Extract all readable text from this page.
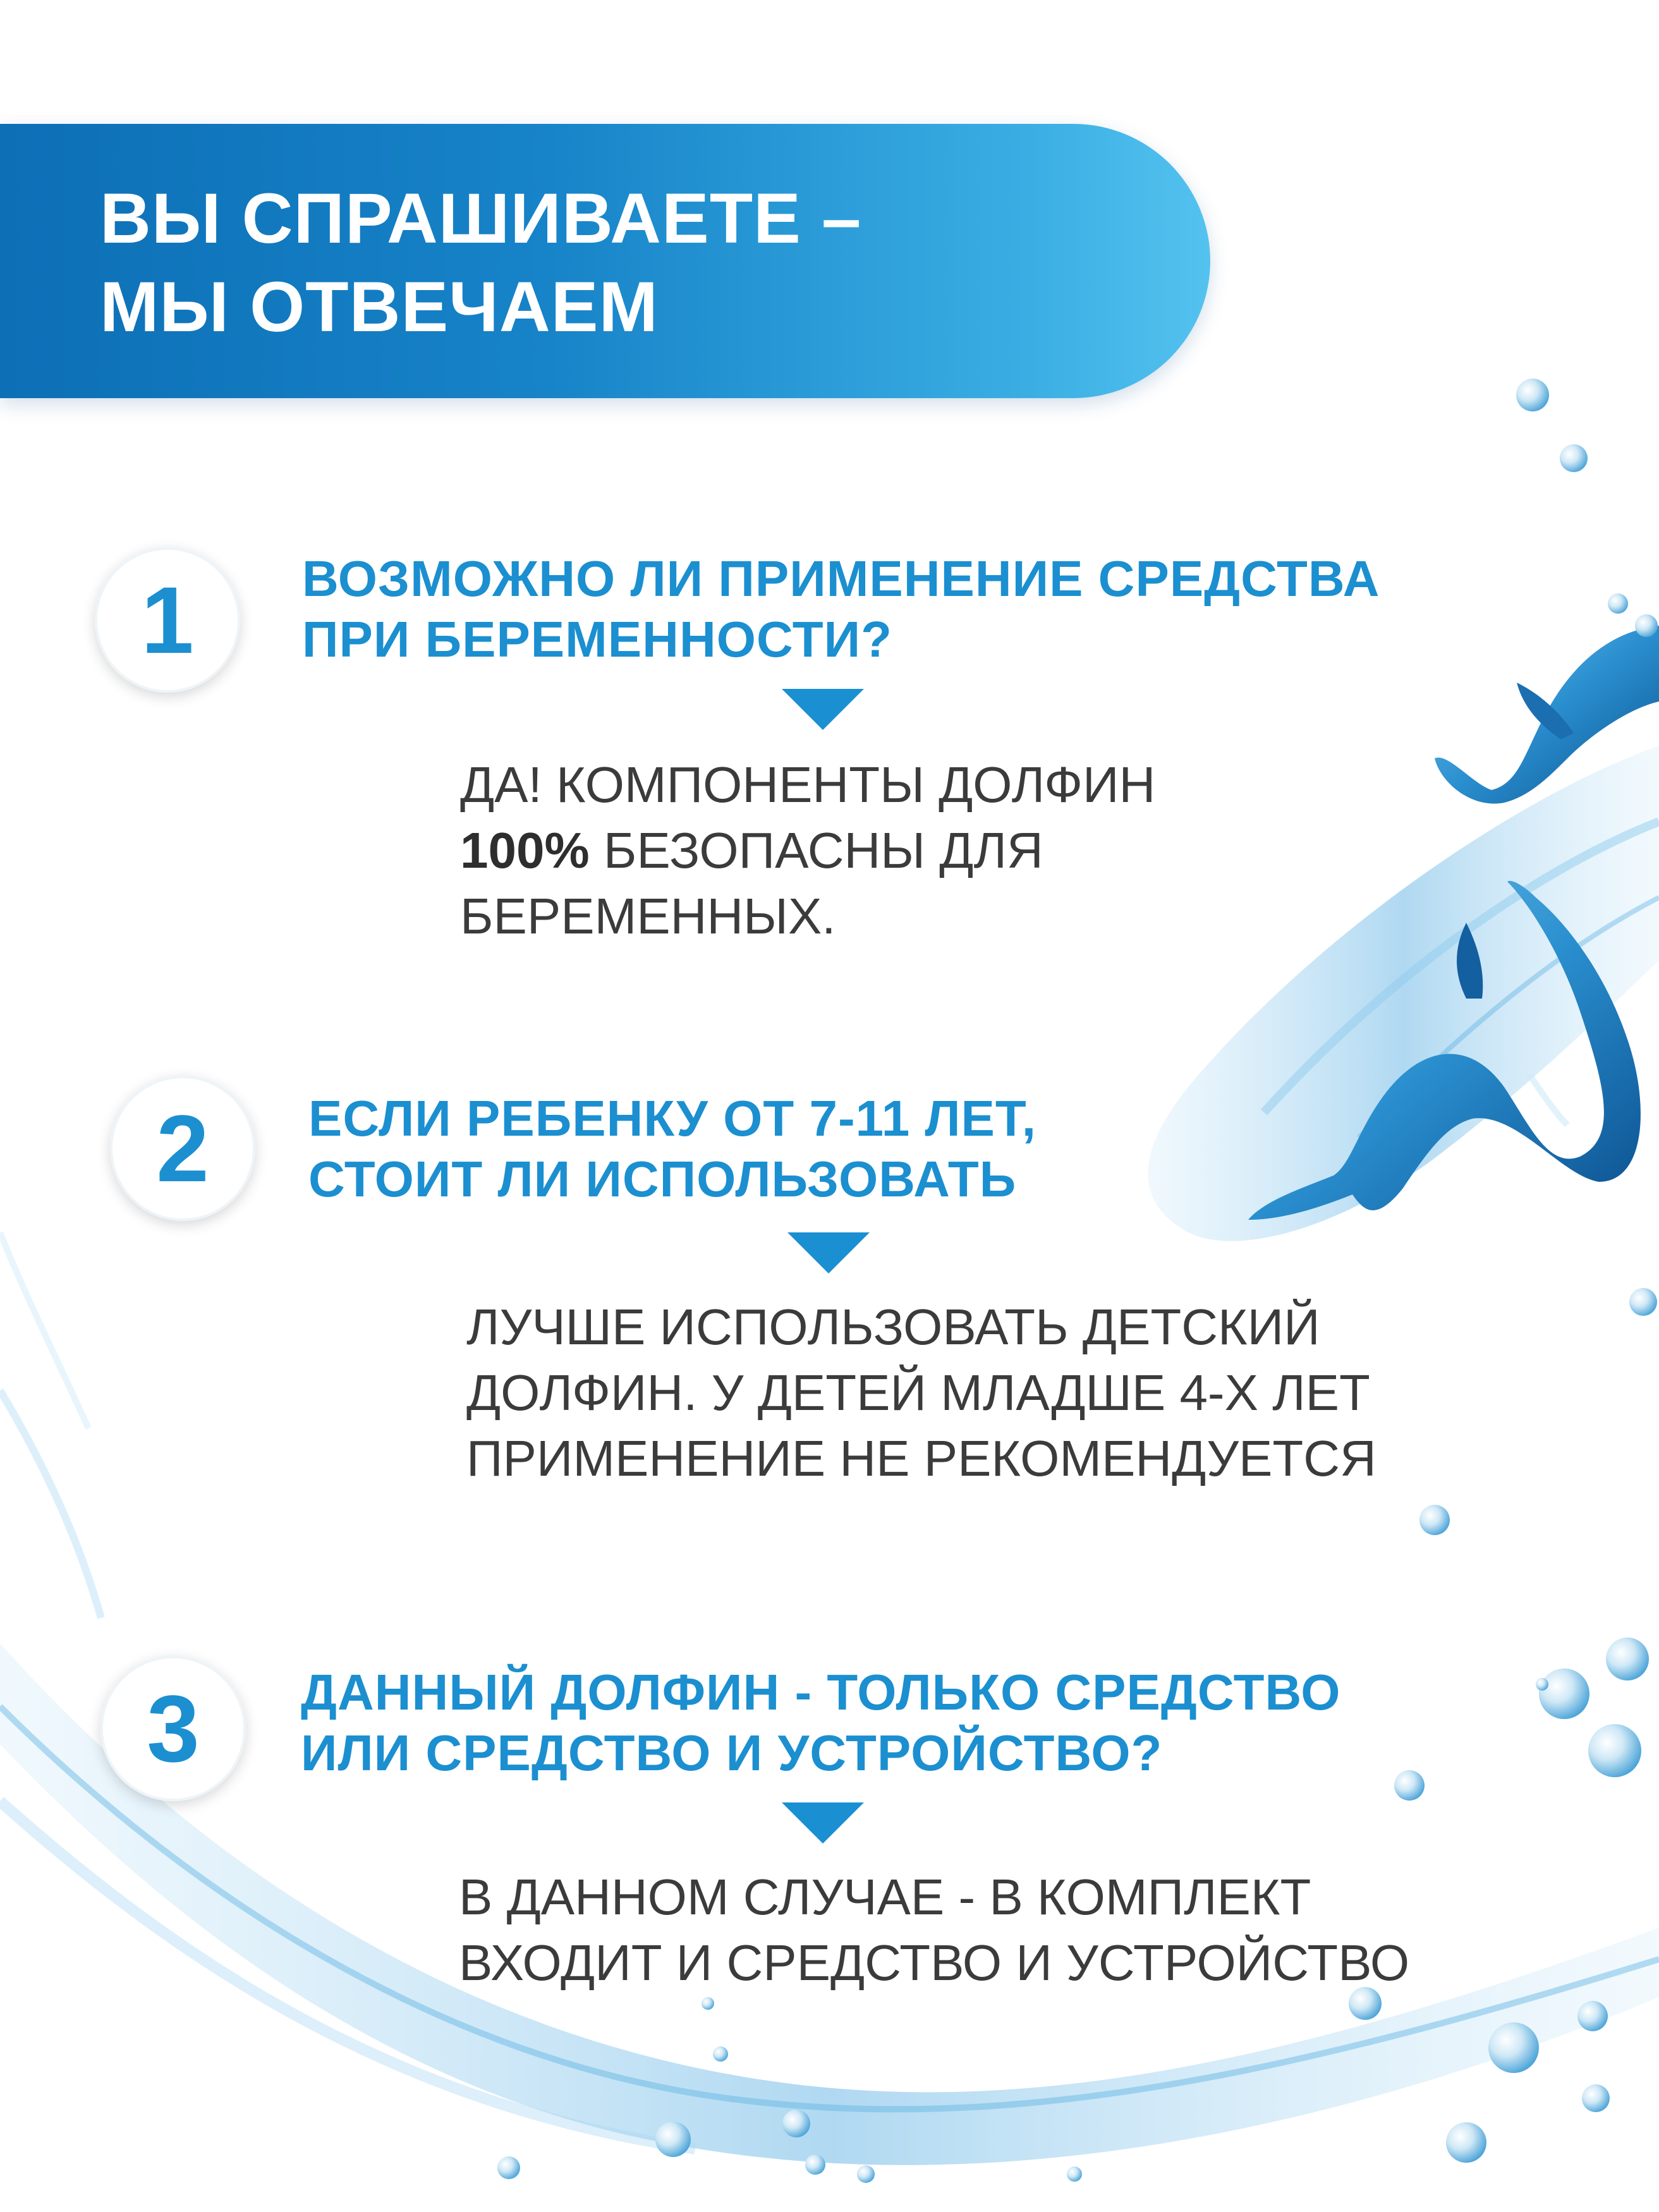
ВЫ СПРАШИВАЕТЕ –
МЫ ОТВЕЧАЕМ
1 ВОЗМОЖНО ЛИ ПРИМЕНЕНИЕ СРЕДСТВА
ПРИ БЕРЕМЕННОСТИ?

ДА! КОМПОНЕНТЫ ДОЛФИН
100% БЕЗОПАСНЫ ДЛЯ
БЕРЕМЕННЫХ.

2 ЕСЛИ РЕБЕНКУ ОТ 7-11 ЛЕТ,
СТОИТ ЛИ ИСПОЛЬЗОВАТЬ

ЛУЧШЕ ИСПОЛЬЗОВАТЬ ДЕТСКИЙ
ДОЛФИН. У ДЕТЕЙ МЛАДШЕ 4-Х ЛЕТ
ПРИМЕНЕНИЕ НЕ РЕКОМЕНДУЕТСЯ

3 ДАННЫЙ ДОЛФИН - ТОЛЬКО СРЕДСТВО
ИЛИ СРЕДСТВО И УСТРОЙСТВО?

В ДАННОМ СЛУЧАЕ - В КОМПЛЕКТ
ВХОДИТ И СРЕДСТВО И УСТРОЙСТВО
